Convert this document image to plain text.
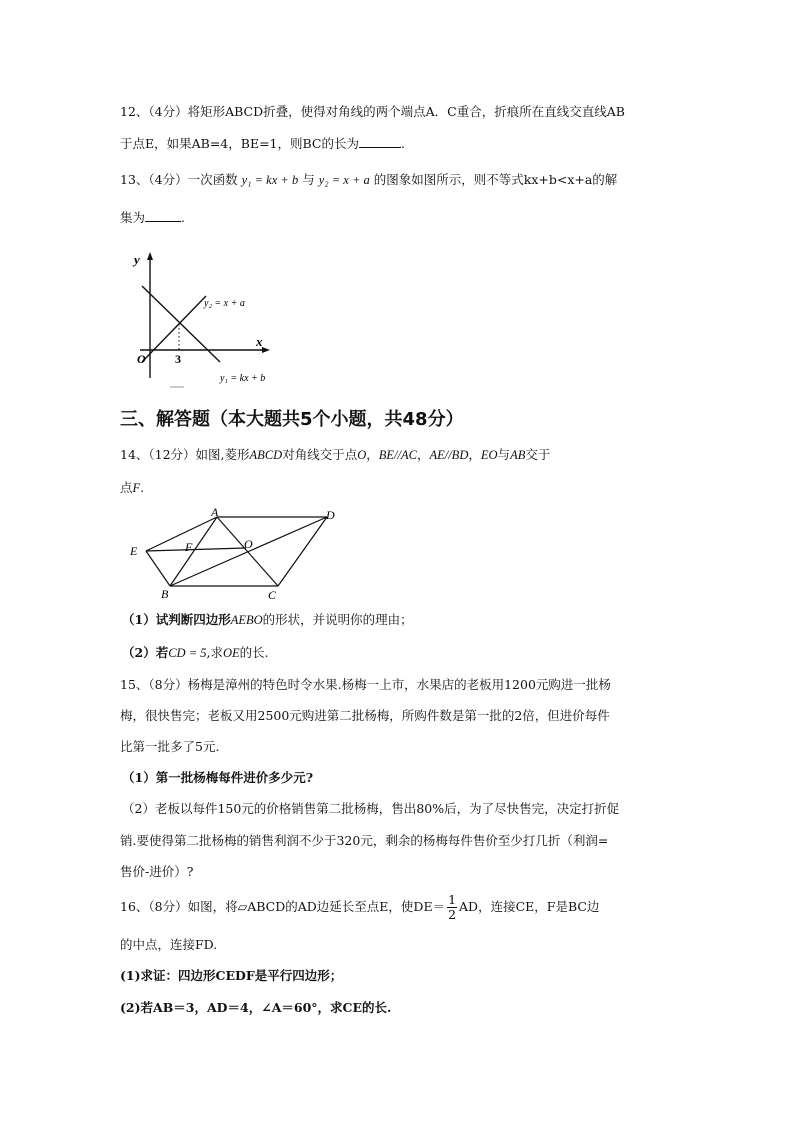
12、（4分）将矩形ABCD折叠，使得对角线的两个端点A．C重合，折痕所在直线交直线AB
于点E，如果AB=4，BE=1，则BC的长为	.
13、（4分）一次函数 y₁ = kx + b 与 y₂ = x + a 的图象如图所示，则不等式kx+b<x+a的解
集为	.
y
x
O 3
y₂ = x + a
y₁ = kx + b
三、解答题（本大题共5个小题，共48分）
14、（12分）如图,菱形ABCD对角线交于点O，BE//AC，AE//BD，EO与AB交于
点F.
A	D
E	F	O
B	C
（1）试判断四边形AEBO的形状，并说明你的理由；
（2）若CD = 5,求OE的长.
15、（8分）杨梅是漳州的特色时令水果.杨梅一上市，水果店的老板用1200元购进一批杨
梅，很快售完；老板又用2500元购进第二批杨梅，所购件数是第一批的2倍，但进价每件
比第一批多了5元.
（1）第一批杨梅每件进价多少元?
（2）老板以每件150元的价格销售第二批杨梅，售出80%后，为了尽快售完，决定打折促
销.要使得第二批杨梅的销售利润不少于320元，剩余的杨梅每件售价至少打几折（利润=
售价-进价）?
16、（8分）如图，将▱ABCD的AD边延长至点E，使$DE= \frac{1}{2}$ AD，连接CE，F是BC边
的中点，连接FD.
(1)求证：四边形CEDF是平行四边形；
(2)若AB＝3，AD＝4，∠A＝60°，求CE的长.
